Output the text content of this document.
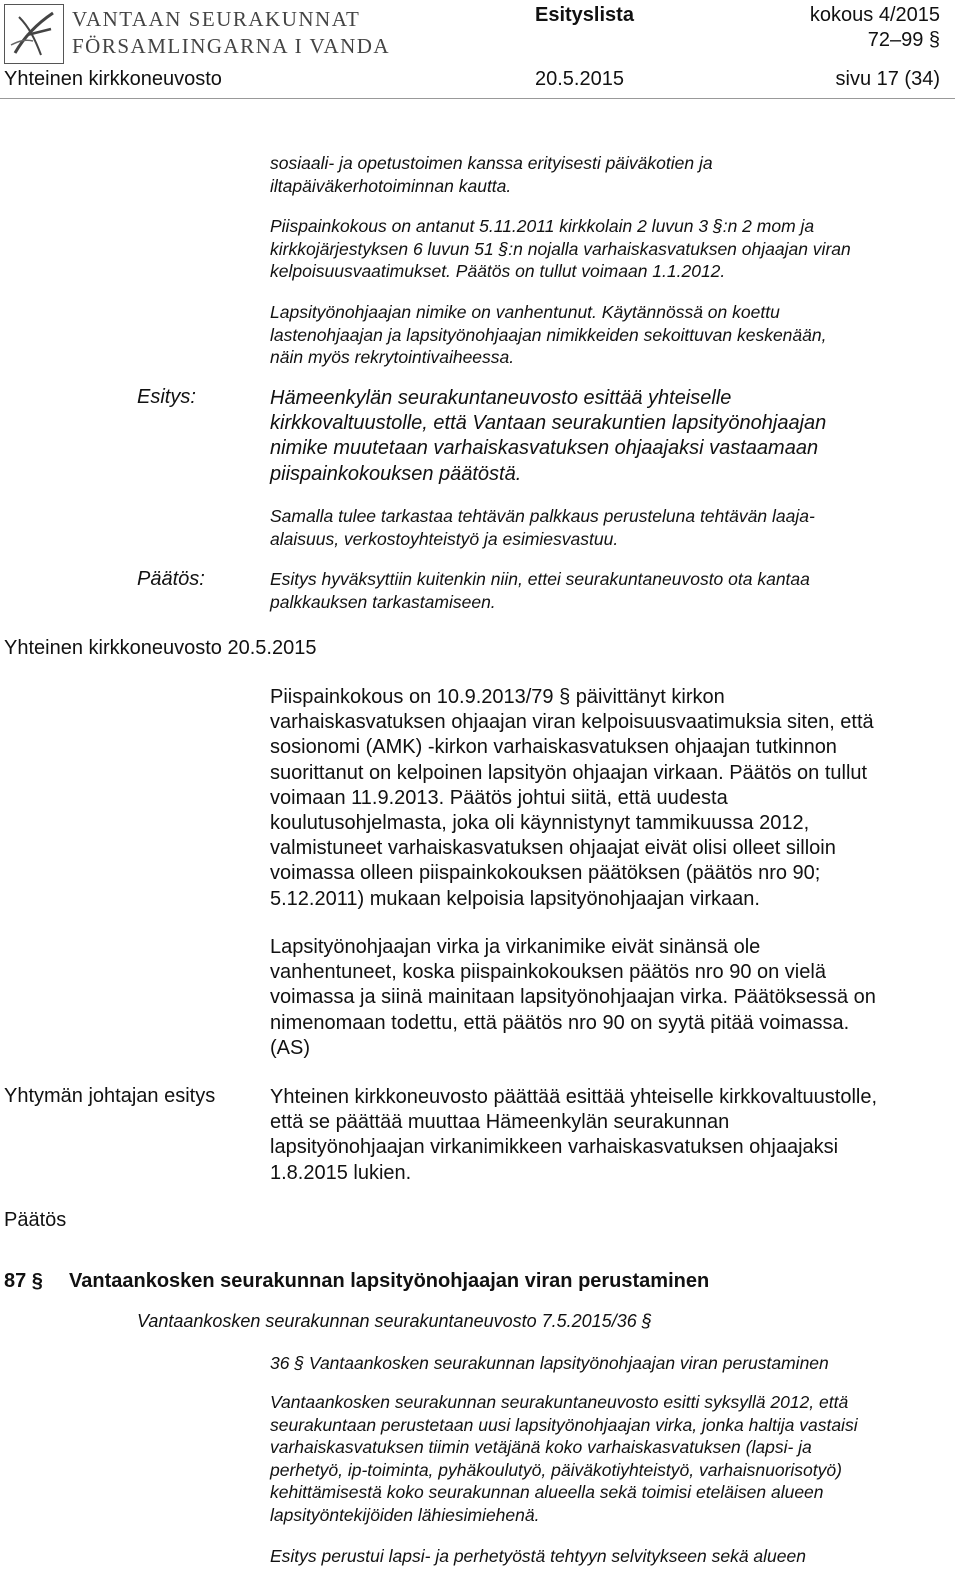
VANTAAN SEURAKUNNAT
FÖRSAMLINGARNA I VANDA
Esityslista	kokous 4/2015
72–99 §
Yhteinen kirkkoneuvosto	20.5.2015	sivu 17 (34)
sosiaali- ja opetustoimen kanssa erityisesti päiväkotien ja
iltapäiväkerhotoiminnan kautta.
Piispainkokous on antanut 5.11.2011 kirkkolain 2 luvun 3 §:n 2 mom ja
kirkkojärjestyksen 6 luvun 51 §:n nojalla varhaiskasvatuksen ohjaajan viran
kelpoisuusvaatimukset. Päätös on tullut voimaan 1.1.2012.
Lapsityönohjaajan nimike on vanhentunut. Käytännössä on koettu
lastenohjaajan ja lapsityönohjaajan nimikkeiden sekoittuvan keskenään,
näin myös rekrytointivaiheessa.
Esitys:	Hämeenkylän seurakuntaneuvosto esittää yhteiselle
kirkkovaltuustolle, että Vantaan seurakuntien lapsityönohjaajan
nimike muutetaan varhaiskasvatuksen ohjaajaksi vastaamaan
piispainkokouksen päätöstä.
Samalla tulee tarkastaa tehtävän palkkaus perusteluna tehtävän laaja-
alaisuus, verkostoyhteistyö ja esimiesvastuu.
Päätös:	Esitys hyväksyttiin kuitenkin niin, ettei seurakuntaneuvosto ota kantaa
palkkauksen tarkastamiseen.
Yhteinen kirkkoneuvosto 20.5.2015
Piispainkokous on 10.9.2013/79 § päivittänyt kirkon
varhaiskasvatuksen ohjaajan viran kelpoisuusvaatimuksia siten, että
sosionomi (AMK) -kirkon varhaiskasvatuksen ohjaajan tutkinnon
suorittanut on kelpoinen lapsityön ohjaajan virkaan. Päätös on tullut
voimaan 11.9.2013. Päätös johtui siitä, että uudesta
koulutusohjelmasta, joka oli käynnistynyt tammikuussa 2012,
valmistuneet varhaiskasvatuksen ohjaajat eivät olisi olleet silloin
voimassa olleen piispainkokouksen päätöksen (päätös nro 90;
5.12.2011) mukaan kelpoisia lapsityönohjaajan virkaan.
Lapsityönohjaajan virka ja virkanimike eivät sinänsä ole
vanhentuneet, koska piispainkokouksen päätös nro 90 on vielä
voimassa ja siinä mainitaan lapsityönohjaajan virka. Päätöksessä on
nimenomaan todettu, että päätös nro 90 on syytä pitää voimassa.
(AS)
Yhtymän johtajan esitys	Yhteinen kirkkoneuvosto päättää esittää yhteiselle kirkkovaltuustolle,
että se päättää muuttaa Hämeenkylän seurakunnan
lapsityönohjaajan virkanimikkeen varhaiskasvatuksen ohjaajaksi
1.8.2015 lukien.
Päätös
87 § Vantaankosken seurakunnan lapsityönohjaajan viran perustaminen
Vantaankosken seurakunnan seurakuntaneuvosto 7.5.2015/36 §
36 § Vantaankosken seurakunnan lapsityönohjaajan viran perustaminen
Vantaankosken seurakunnan seurakuntaneuvosto esitti syksyllä 2012, että
seurakuntaan perustetaan uusi lapsityönohjaajan virka, jonka haltija vastaisi
varhaiskasvatuksen tiimin vetäjänä koko varhaiskasvatuksen (lapsi- ja
perhetyö, ip-toiminta, pyhäkoulutyö, päiväkotiyhteistyö, varhaisnuorisotyö)
kehittämisestä koko seurakunnan alueella sekä toimisi eteläisen alueen
lapsityöntekijöiden lähiesimiehenä.
Esitys perustui lapsi- ja perhetyöstä tehtyyn selvitykseen sekä alueen
